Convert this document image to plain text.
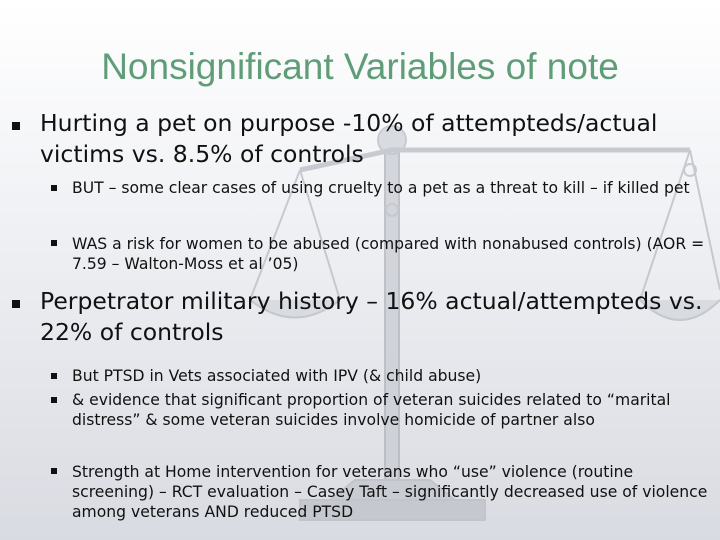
Nonsignificant Variables of note
Hurting a pet on purpose -10% of attempteds/actual victims vs. 8.5% of controls
BUT – some clear cases of using cruelty to a pet as a threat to kill – if killed pet
WAS a risk for women to be abused (compared with nonabused controls) (AOR = 7.59 – Walton-Moss et al ’05)
Perpetrator military history – 16% actual/attempteds vs. 22% of controls
But PTSD in Vets associated with IPV (& child abuse)
& evidence that significant proportion of veteran suicides related to “marital distress” & some veteran suicides involve homicide of partner also
Strength at Home intervention for veterans who “use” violence (routine screening) – RCT evaluation – Casey Taft – significantly decreased use of violence among veterans AND reduced PTSD
